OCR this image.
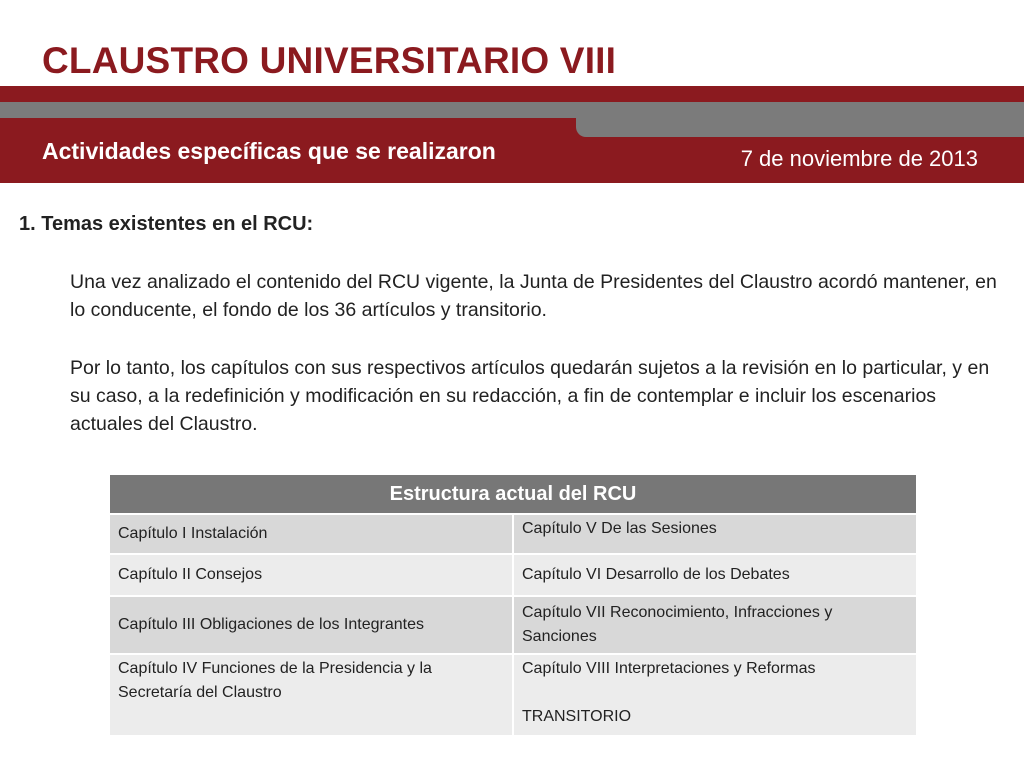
CLAUSTRO UNIVERSITARIO VIII
Actividades específicas que se realizaron	7 de noviembre de 2013
1. Temas existentes en el RCU:

Una vez analizado el contenido del RCU vigente, la Junta de Presidentes del Claustro acordó mantener, en lo conducente, el fondo de los 36 artículos y transitorio.

Por lo tanto, los capítulos con sus respectivos artículos quedarán sujetos a la revisión en lo particular, y en su caso, a la redefinición y modificación en su redacción, a fin de contemplar e incluir los escenarios actuales del Claustro.

Estructura actual del RCU	
Capítulo I Instalación	Capítulo V De las Sesiones
Capítulo II Consejos	Capítulo VI Desarrollo de los Debates
Capítulo III Obligaciones de los Integrantes	Capítulo VII Reconocimiento, Infracciones y Sanciones
Capítulo IV Funciones de la Presidencia y la Secretaría del Claustro	Capítulo VIII Interpretaciones y Reformas
TRANSITORIO
